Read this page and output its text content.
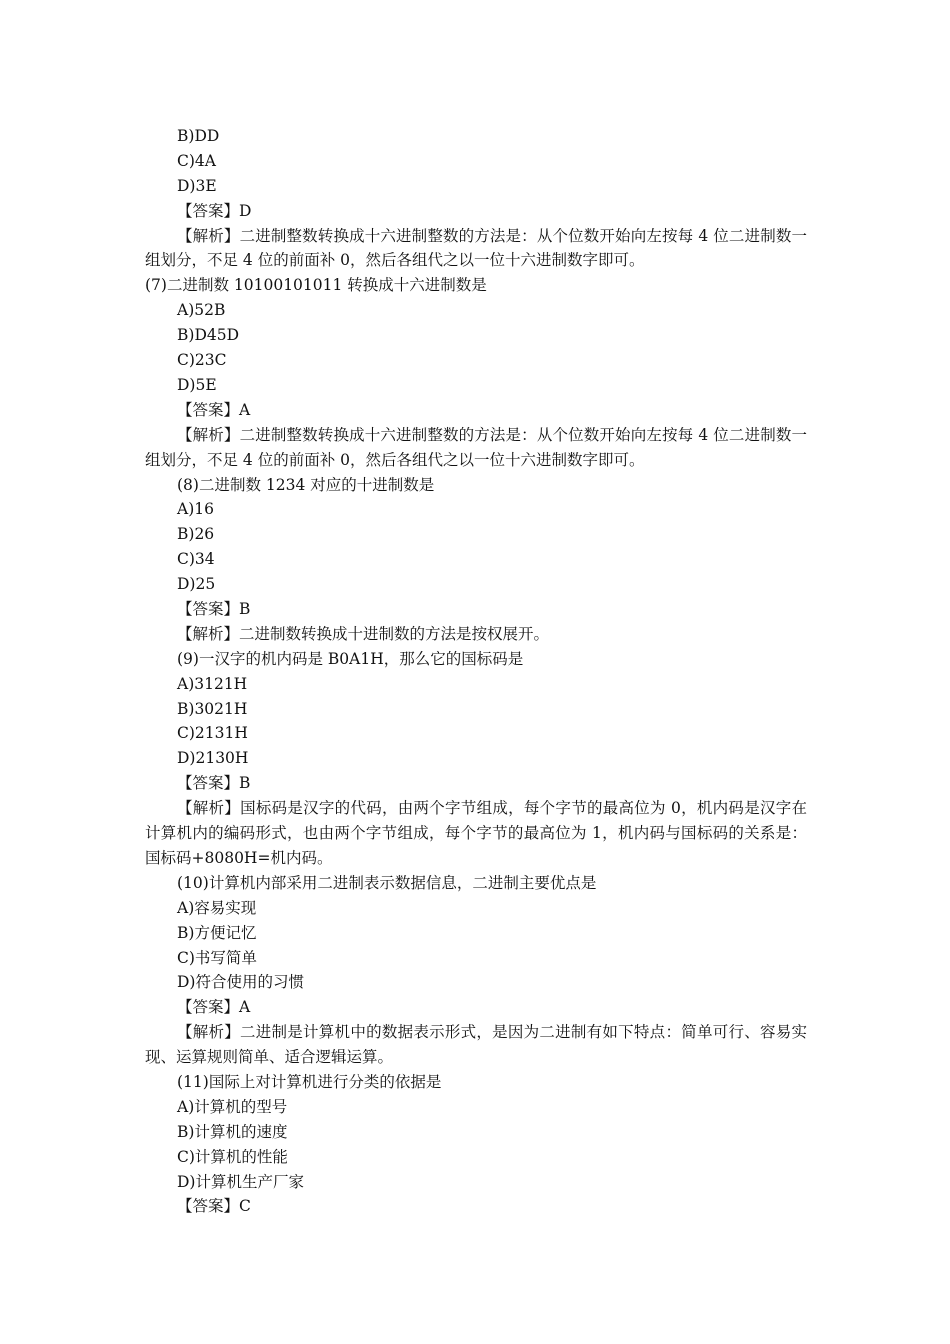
B)DD
C)4A
D)3E
【答案】D
【解析】二进制整数转换成十六进制整数的方法是：从个位数开始向左按每 4 位二进制数一组划分，不足 4 位的前面补 0，然后各组代之以一位十六进制数字即可。
(7)二进制数 10100101011 转换成十六进制数是
A)52B
B)D45D
C)23C
D)5E
【答案】A
【解析】二进制整数转换成十六进制整数的方法是：从个位数开始向左按每 4 位二进制数一组划分，不足 4 位的前面补 0，然后各组代之以一位十六进制数字即可。
(8)二进制数 1234 对应的十进制数是
A)16
B)26
C)34
D)25
【答案】B
【解析】二进制数转换成十进制数的方法是按权展开。
(9)一汉字的机内码是 B0A1H，那么它的国标码是
A)3121H
B)3021H
C)2131H
D)2130H
【答案】B
【解析】国标码是汉字的代码，由两个字节组成，每个字节的最高位为 0，机内码是汉字在计算机内的编码形式，也由两个字节组成，每个字节的最高位为 1，机内码与国标码的关系是：国标码+8080H=机内码。
(10)计算机内部采用二进制表示数据信息，二进制主要优点是
A)容易实现
B)方便记忆
C)书写简单
D)符合使用的习惯
【答案】A
【解析】二进制是计算机中的数据表示形式，是因为二进制有如下特点：简单可行、容易实现、运算规则简单、适合逻辑运算。
(11)国际上对计算机进行分类的依据是
A)计算机的型号
B)计算机的速度
C)计算机的性能
D)计算机生产厂家
【答案】C
